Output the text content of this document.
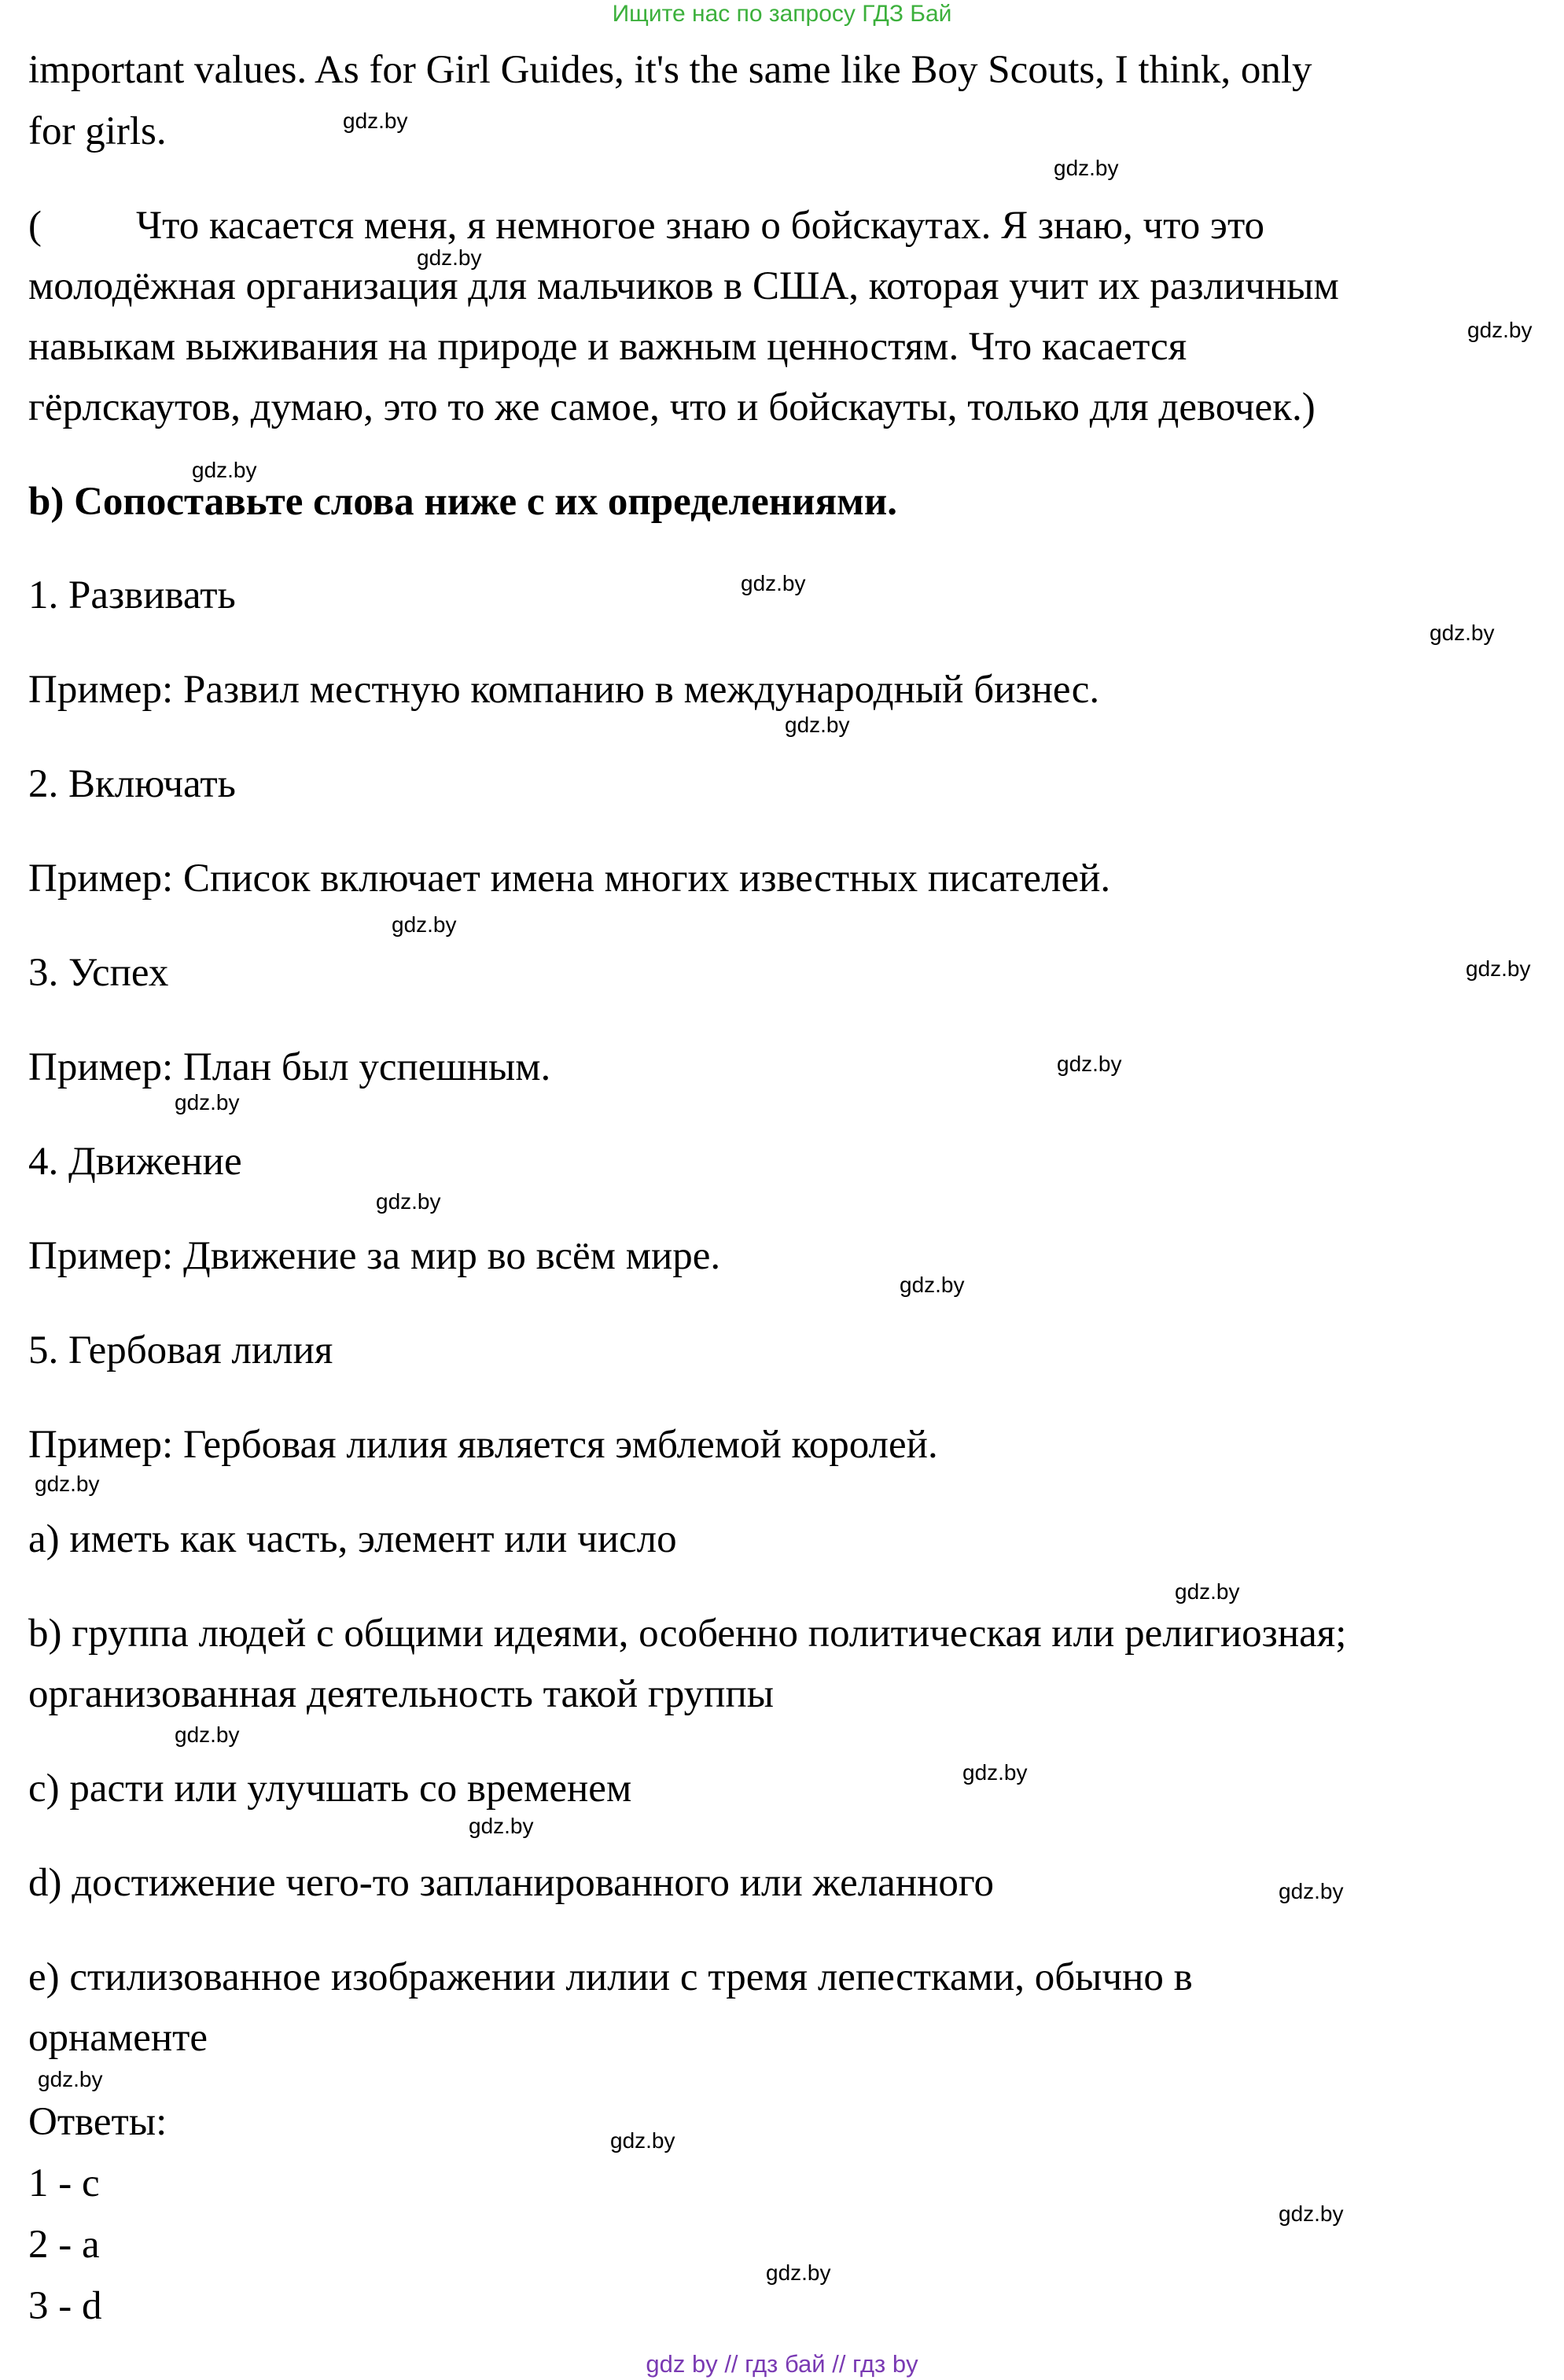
Ищите нас по запросу ГДЗ Бай

important values. As for Girl Guides, it's the same like Boy Scouts, I think, only

for girls.

( Что касается меня, я немногое знаю о бойскаутах. Я знаю, что это

молодёжная организация для мальчиков в США, которая учит их различным

навыкам выживания на природе и важным ценностям. Что касается

гёрлскаутов, думаю, это то же самое, что и бойскауты, только для девочек.)

b) Сопоставьте слова ниже с их определениями.

1. Развивать

Пример: Развил местную компанию в международный бизнес.

2. Включать

Пример: Список включает имена многих известных писателей.

3. Успех

Пример: План был успешным.

4. Движение

Пример: Движение за мир во всём мире.

5. Гербовая лилия

Пример: Гербовая лилия является эмблемой королей.

a) иметь как часть, элемент или число

b) группа людей с общими идеями, особенно политическая или религиозная;

организованная деятельность такой группы

c) расти или улучшать со временем

d) достижение чего-то запланированного или желанного

e) стилизованное изображении лилии с тремя лепестками, обычно в

орнаменте

Ответы:

1 - c

2 - a

3 - d

gdz.by
gdz.by
gdz.by
gdz.by
gdz.by
gdz.by
gdz.by
gdz.by
gdz.by
gdz.by
gdz.by
gdz.by
gdz.by
gdz.by
gdz.by
gdz.by
gdz.by
gdz.by
gdz.by
gdz.by
gdz.by
gdz.by
gdz.by
gdz.by
gdz by // гдз бай // гдз by
